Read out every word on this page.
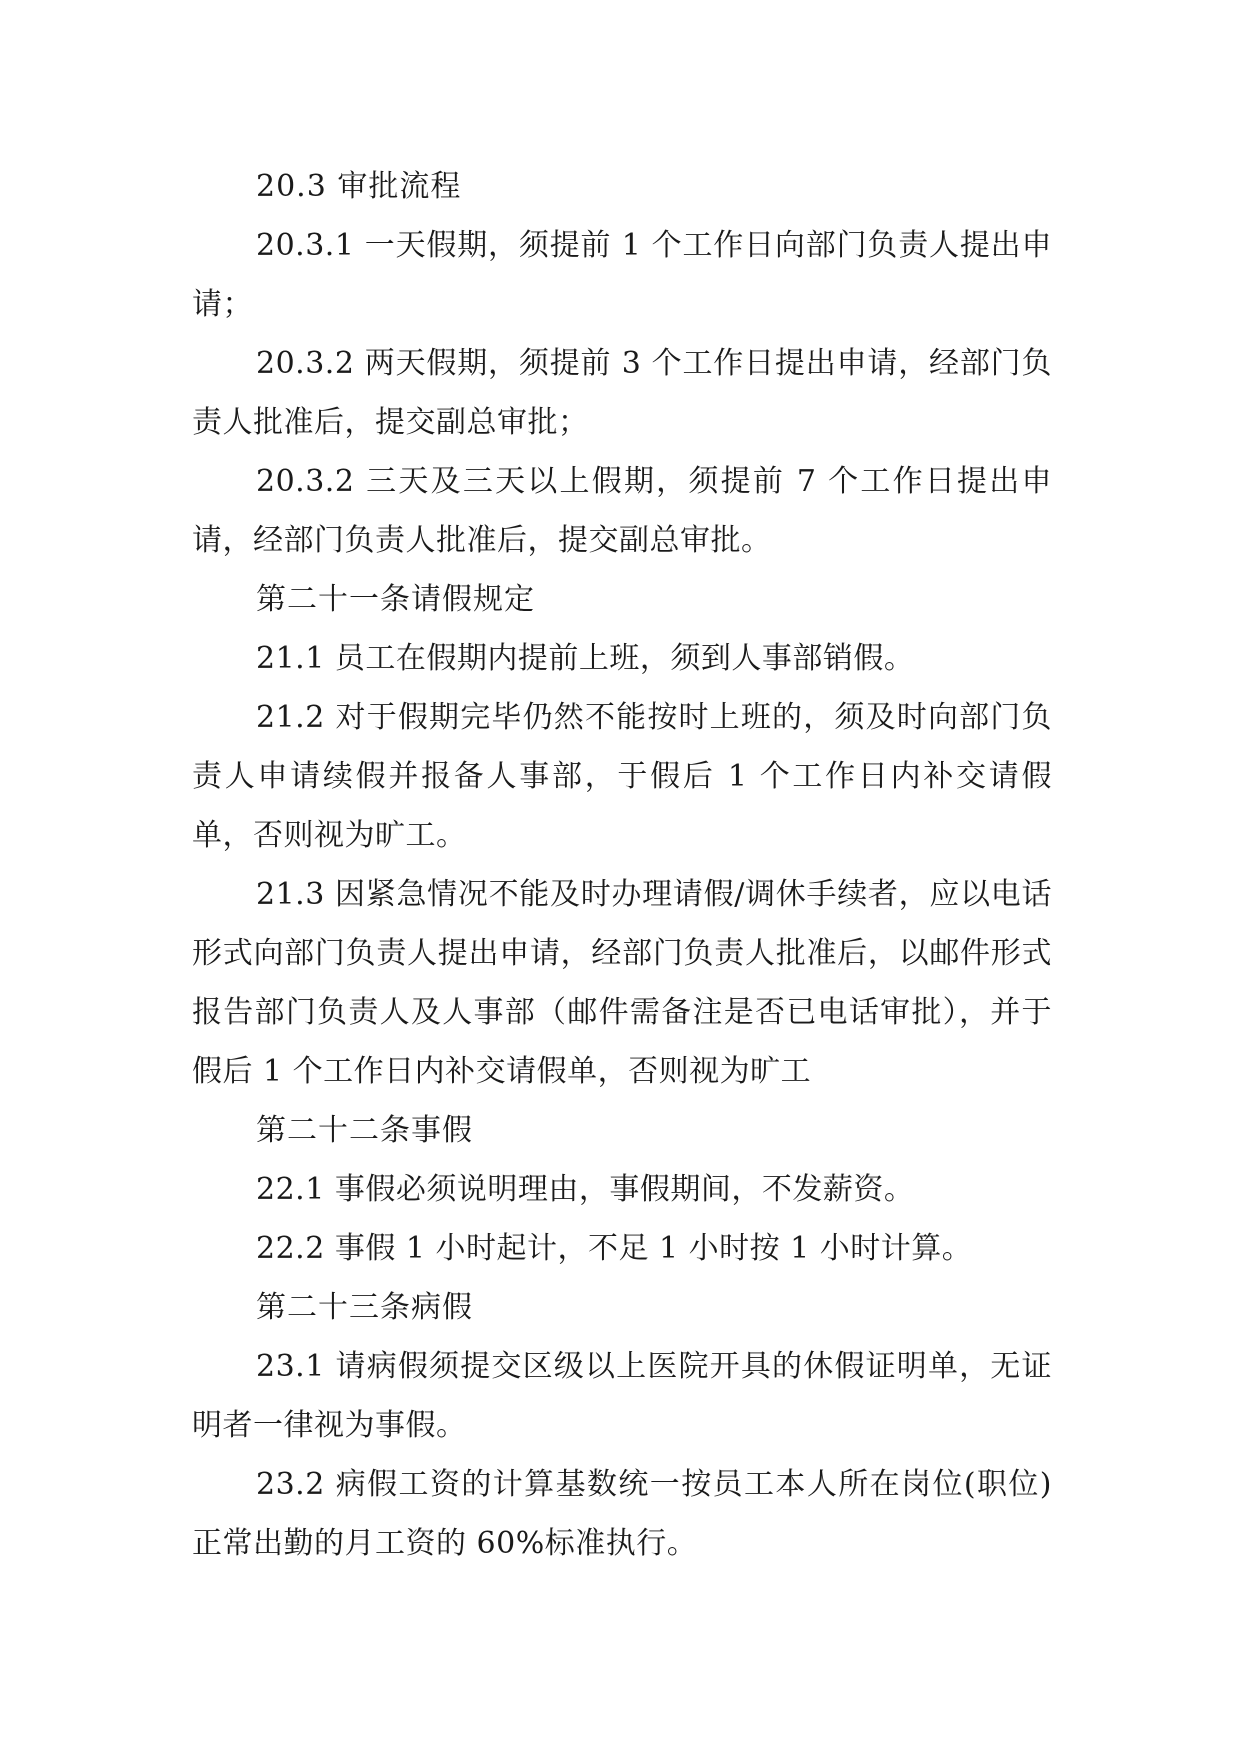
20.3 审批流程

20.3.1 一天假期，须提前 1 个工作日向部门负责人提出申请；

20.3.2 两天假期，须提前 3 个工作日提出申请，经部门负责人批准后，提交副总审批；

20.3.2 三天及三天以上假期，须提前 7 个工作日提出申请，经部门负责人批准后，提交副总审批。

第二十一条请假规定

21.1 员工在假期内提前上班，须到人事部销假。

21.2 对于假期完毕仍然不能按时上班的，须及时向部门负责人申请续假并报备人事部，于假后 1 个工作日内补交请假单，否则视为旷工。

21.3 因紧急情况不能及时办理请假/调休手续者，应以电话形式向部门负责人提出申请，经部门负责人批准后，以邮件形式报告部门负责人及人事部（邮件需备注是否已电话审批），并于假后 1 个工作日内补交请假单，否则视为旷工

第二十二条事假

22.1 事假必须说明理由，事假期间，不发薪资。

22.2 事假 1 小时起计，不足 1 小时按 1 小时计算。

第二十三条病假

23.1 请病假须提交区级以上医院开具的休假证明单，无证明者一律视为事假。

23.2 病假工资的计算基数统一按员工本人所在岗位(职位)正常出勤的月工资的 60%标准执行。
